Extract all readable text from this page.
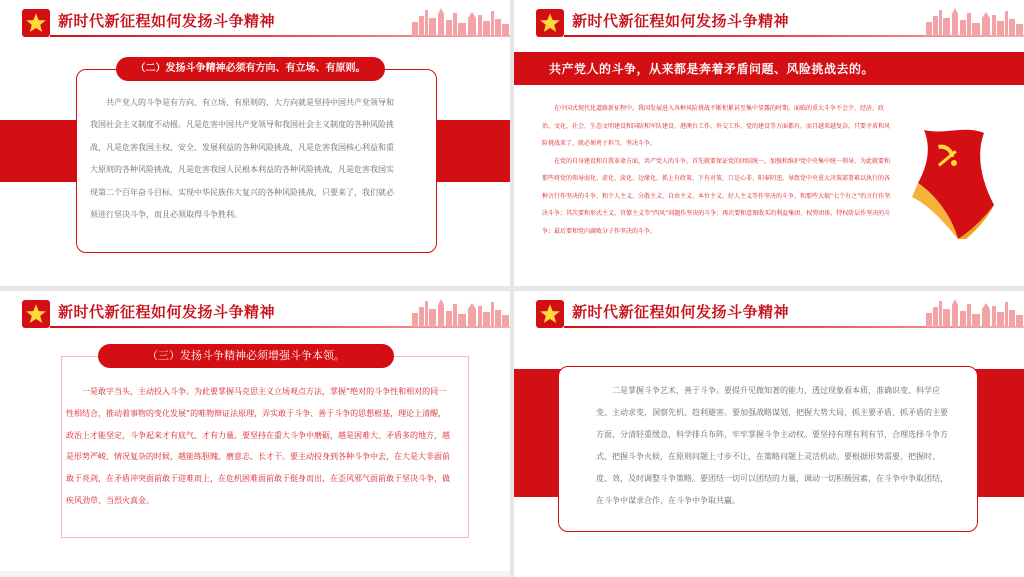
新时代新征程如何发扬斗争精神
（二）发扬斗争精神必须有方向、有立场、有原则。

共产党人的斗争是有方向、有立场、有原则的，大方向就是坚持中国共产党领导和我国社会主义制度不动摇。凡是危害中国共产党领导和我国社会主义制度的各种风险挑战，凡是危害我国主权、安全、发展利益的各种风险挑战，凡是危害我国核心利益和重大原则的各种风险挑战，凡是危害我国人民根本利益的各种风险挑战，凡是危害我国实现第二个百年奋斗目标、实现中华民族伟大复兴的各种风险挑战，只要来了，我们就必须进行坚决斗争，而且必须取得斗争胜利。

新时代新征程如何发扬斗争精神
共产党人的斗争，从来都是奔着矛盾问题、风险挑战去的。

在中国式现代化道路新征程中，我国发展进入各种风险挑战不断积累甚至集中显露的时期，面临的重大斗争不会少，经济、政治、文化、社会、生态文明建设和国防和军队建设、港澳台工作、外交工作、党的建设等方面都有，而且越来越复杂。只要矛盾和风险挑战来了，就必须勇于担当，坚决斗争。

在党的自身建设和自我革命方面，共产党人的斗争，首先就要保证党的团结统一，加强和维护党中央集中统一领导，为此就要和那些将党的领导弱化、虚化、淡化、边缘化，抓上有政策、下有对策，口是心非、阳奉阴违，导致党中央重大决策部署难以执行的各种言行作坚决的斗争，和个人主义、分散主义、自由主义、本位主义、好人主义等作坚决的斗争，和那些大搞“七个有之”的言行作坚决斗争；其次要和形式主义、官僚主义等“四风”问题作坚决的斗争；再次要和意图收买的利益集团、权势团体、特权阶层作坚决的斗争；最后要和党内腐败分子作坚决的斗争。

新时代新征程如何发扬斗争精神
（三）发扬斗争精神必须增强斗争本领。

一是敢字当头，主动投入斗争。为此要掌握马克思主义立场观点方法，掌握“绝对的斗争性和相对的同一性相结合，推动着事物的变化发展”的唯物辩证法原理，弄实敢于斗争、善于斗争的思想根基，理论上清醒，政治上才能坚定，斗争起来才有底气、才有力量。要坚持在重大斗争中磨砺，越是困难大、矛盾多的地方，越是形势严峻、情况复杂的时候，越能练胆魄、磨意志、长才干。要主动投身到各种斗争中去，在大是大非面前敢于亮剑，在矛盾冲突面前敢于迎难而上，在危机困难面前敢于挺身而出，在歪风邪气面前敢于坚决斗争，做疾风劲草、当烈火真金。

新时代新征程如何发扬斗争精神

二是掌握斗争艺术，善于斗争。要提升见微知著的能力，透过现象看本质，准确识变、科学应变、主动求变，洞察先机、趋利避害。要加强战略谋划，把握大势大局，抓主要矛盾、抓矛盾的主要方面，分清轻重缓急，科学排兵布阵，牢牢掌握斗争主动权。要坚持有理有利有节，合理选择斗争方式、把握斗争火候，在原则问题上寸步不让，在策略问题上灵活机动。要根据形势需要，把握时、度、效，及时调整斗争策略。要团结一切可以团结的力量，调动一切积极因素，在斗争中争取团结，在斗争中谋求合作，在斗争中争取共赢。
